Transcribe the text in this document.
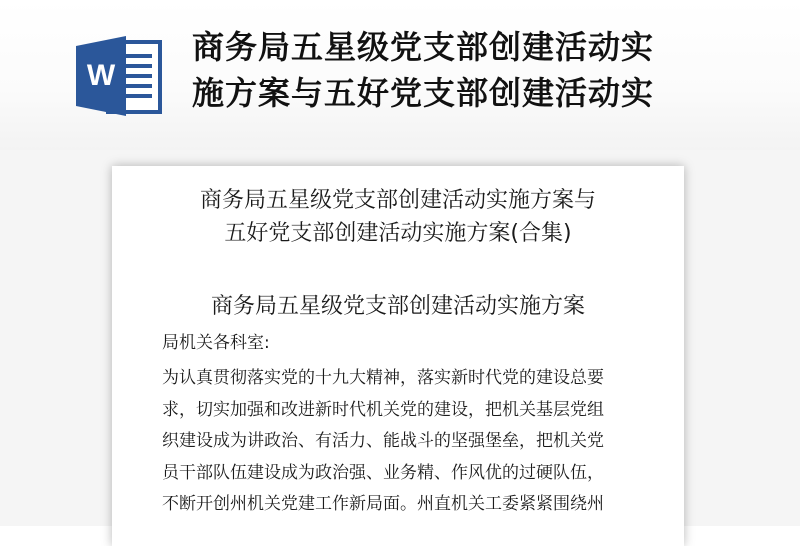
W
商务局五星级党支部创建活动实
施方案与五好党支部创建活动实
商务局五星级党支部创建活动实施方案与
五好党支部创建活动实施方案(合集)
商务局五星级党支部创建活动实施方案
局机关各科室:
为认真贯彻落实党的十九大精神，落实新时代党的建设总要
求，切实加强和改进新时代机关党的建设，把机关基层党组
织建设成为讲政治、有活力、能战斗的坚强堡垒，把机关党
员干部队伍建设成为政治强、业务精、作风优的过硬队伍，
不断开创州机关党建工作新局面。州直机关工委紧紧围绕州
